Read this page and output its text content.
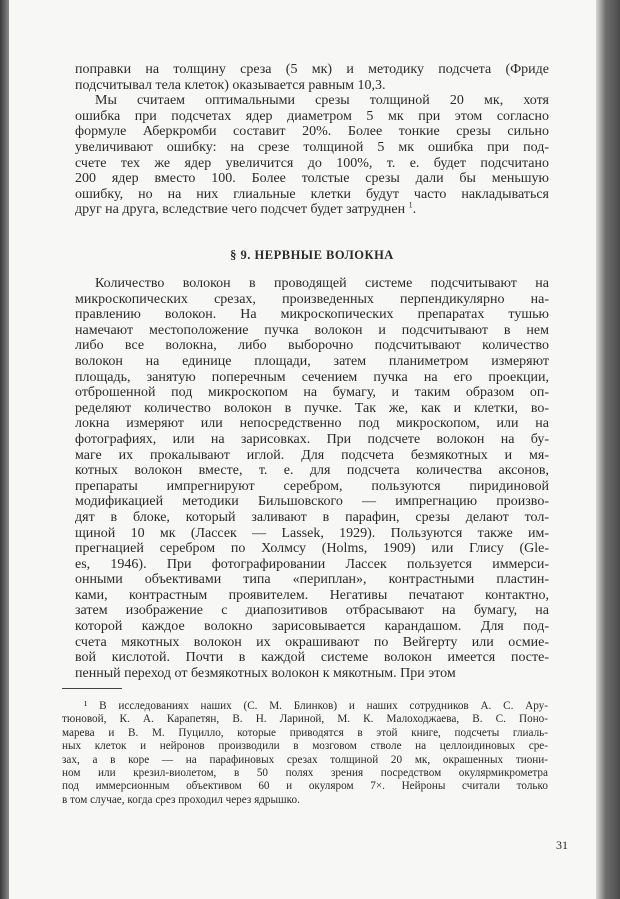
поправки на толщину среза (5 мк) и методику подсчета (Фриде
подсчитывал тела клеток) оказывается равным 10,3.
Мы считаем оптимальными срезы толщиной 20 мк, хотя
ошибка при подсчетах ядер диаметром 5 мк при этом согласно
формуле Аберкромби составит 20%. Более тонкие срезы сильно
увеличивают ошибку: на срезе толщиной 5 мк ошибка при под-
счете тех же ядер увеличится до 100%, т. е. будет подсчитано
200 ядер вместо 100. Более толстые срезы дали бы меньшую
ошибку, но на них глиальные клетки будут часто накладываться
друг на друга, вследствие чего подсчет будет затруднен $^1$.
§ 9. НЕРВНЫЕ ВОЛОКНА
Количество волокон в проводящей системе подсчитывают на
микроскопических срезах, произведенных перпендикулярно на-
правлению волокон. На микроскопических препаратах тушью
намечают местоположение пучка волокон и подсчитывают в нем
либо все волокна, либо выборочно подсчитывают количество
волокон на единице площади, затем планиметром измеряют
площадь, занятую поперечным сечением пучка на его проекции,
отброшенной под микроскопом на бумагу, и таким образом оп-
ределяют количество волокон в пучке. Так же, как и клетки, во-
локна измеряют или непосредственно под микроскопом, или на
фотографиях, или на зарисовках. При подсчете волокон на бу-
маге их прокалывают иглой. Для подсчета безмякотных и мя-
котных волокон вместе, т. е. для подсчета количества аксонов,
препараты импрегнируют серебром, пользуются пиридиновой
модификацией методики Бильшовского — импрегнацию произво-
дят в блоке, который заливают в парафин, срезы делают тол-
щиной 10 мк (Лассек — Lassek, 1929). Пользуются также им-
прегнацией серебром по Холмсу (Holms, 1909) или Глису (Gle-
es, 1946). При фотографировании Лассек пользуется иммерси-
онными объективами типа «периплан», контрастными пластин-
ками, контрастным проявителем. Негативы печатают контактно,
затем изображение с диапозитивов отбрасывают на бумагу, на
которой каждое волокно зарисовывается карандашом. Для под-
счета мякотных волокон их окрашивают по Вейгерту или осмие-
вой кислотой. Почти в каждой системе волокон имеется посте-
пенный переход от безмякотных волокон к мякотным. При этом
¹ В исследованиях наших (С. М. Блинков) и наших сотрудников А. С. Ару-
тюновой, К. А. Карапетян, В. Н. Лариной, М. К. Малоходжаева, В. С. Поно-
марева и В. М. Пуцилло, которые приводятся в этой книге, подсчеты глиаль-
ных клеток и нейронов производили в мозговом стволе на целлоидиновых сре-
зах, а в коре — на парафиновых срезах толщиной 20 мк, окрашенных тиони-
ном или крезил-виолетом, в 50 полях зрения посредством окулярмикрометра
под иммерсионным объективом 60 и окуляром 7×. Нейроны считали только
в том случае, когда срез проходил через ядрышко.
31
